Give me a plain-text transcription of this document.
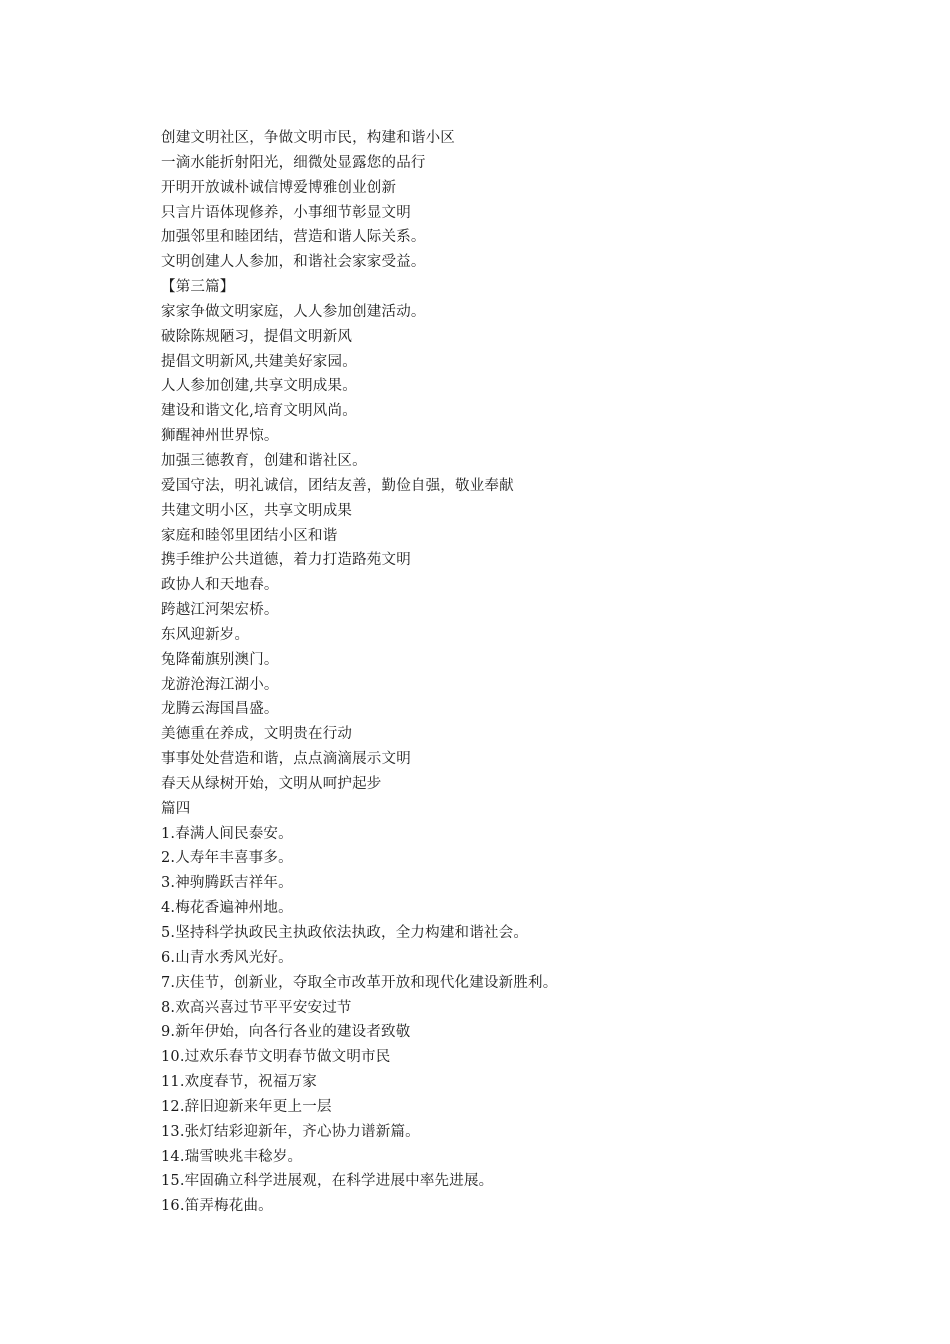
创建文明社区，争做文明市民，构建和谐小区
一滴水能折射阳光，细微处显露您的品行
开明开放诚朴诚信博爱博雅创业创新
只言片语体现修养，小事细节彰显文明
加强邻里和睦团结，营造和谐人际关系。
文明创建人人参加，和谐社会家家受益。
【第三篇】
家家争做文明家庭，人人参加创建活动。
破除陈规陋习，提倡文明新风
提倡文明新风,共建美好家园。
人人参加创建,共享文明成果。
建设和谐文化,培育文明风尚。
狮醒神州世界惊。
加强三德教育，创建和谐社区。
爱国守法，明礼诚信，团结友善，勤俭自强，敬业奉献
共建文明小区，共享文明成果
家庭和睦邻里团结小区和谐
携手维护公共道德，着力打造路苑文明
政协人和天地春。
跨越江河架宏桥。
东风迎新岁。
兔降葡旗别澳门。
龙游沧海江湖小。
龙腾云海国昌盛。
美德重在养成，文明贵在行动
事事处处营造和谐，点点滴滴展示文明
春天从绿树开始，文明从呵护起步
篇四
1.春满人间民泰安。
2.人寿年丰喜事多。
3.神驹腾跃吉祥年。
4.梅花香遍神州地。
5.坚持科学执政民主执政依法执政，全力构建和谐社会。
6.山青水秀风光好。
7.庆佳节，创新业，夺取全市改革开放和现代化建设新胜利。
8.欢高兴喜过节平平安安过节
9.新年伊始，向各行各业的建设者致敬
10.过欢乐春节文明春节做文明市民
11.欢度春节，祝福万家
12.辞旧迎新来年更上一层
13.张灯结彩迎新年，齐心协力谱新篇。
14.瑞雪映兆丰稔岁。
15.牢固确立科学进展观，在科学进展中率先进展。
16.笛弄梅花曲。
